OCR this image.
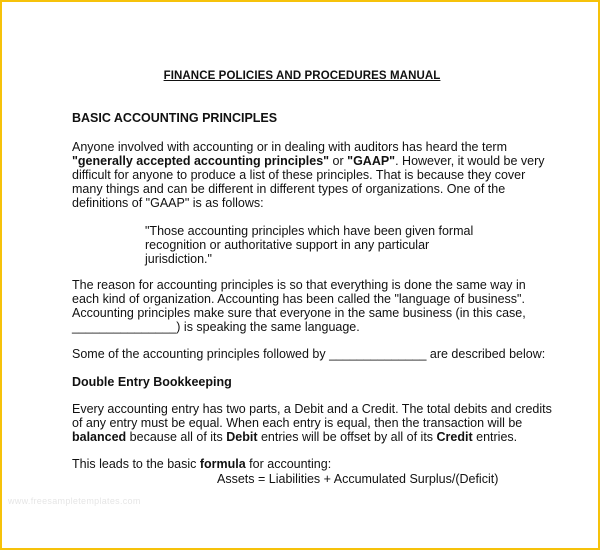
FINANCE POLICIES AND PROCEDURES MANUAL
BASIC ACCOUNTING PRINCIPLES

Anyone involved with accounting or in dealing with auditors has heard the term "generally accepted accounting principles" or "GAAP". However, it would be very difficult for anyone to produce a list of these principles. That is because they cover many things and can be different in different types of organizations. One of the definitions of "GAAP" is as follows:

"Those accounting principles which have been given formal recognition or authoritative support in any particular jurisdiction."

The reason for accounting principles is so that everything is done the same way in each kind of organization. Accounting has been called the "language of business". Accounting principles make sure that everyone in the same business (in this case, _______________) is speaking the same language.

Some of the accounting principles followed by ______________ are described below:

Double Entry Bookkeeping

Every accounting entry has two parts, a Debit and a Credit. The total debits and credits of any entry must be equal. When each entry is equal, then the transaction will be balanced because all of its Debit entries will be offset by all of its Credit entries.

This leads to the basic formula for accounting:

Assets = Liabilities + Accumulated Surplus/(Deficit)
www.freesampletemplates.com
